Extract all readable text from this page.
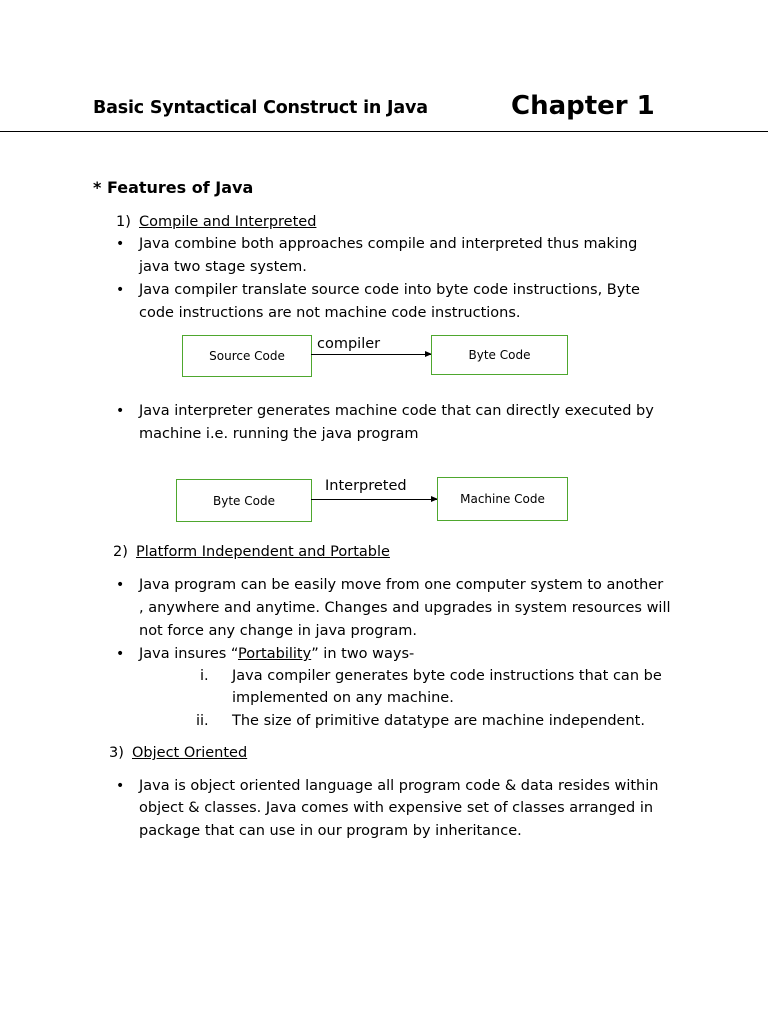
Basic Syntactical Construct in Java	Chapter 1
* Features of Java
1) Compile and Interpreted
• Java combine both approaches compile and interpreted thus making
java two stage system.
• Java compiler translate source code into byte code instructions, Byte
code instructions are not machine code instructions.
Source Code
compiler
Byte Code
• Java interpreter generates machine code that can directly executed by
machine i.e. running the java program
Byte Code
Interpreted
Machine Code
2) Platform Independent and Portable
• Java program can be easily move from one computer system to another
, anywhere and anytime. Changes and upgrades in system resources will
not force any change in java program.
• Java insures “Portability” in two ways-
i. Java compiler generates byte code instructions that can be
implemented on any machine.
ii. The size of primitive datatype are machine independent.
3) Object Oriented
• Java is object oriented language all program code & data resides within
object & classes. Java comes with expensive set of classes arranged in
package that can use in our program by inheritance.
